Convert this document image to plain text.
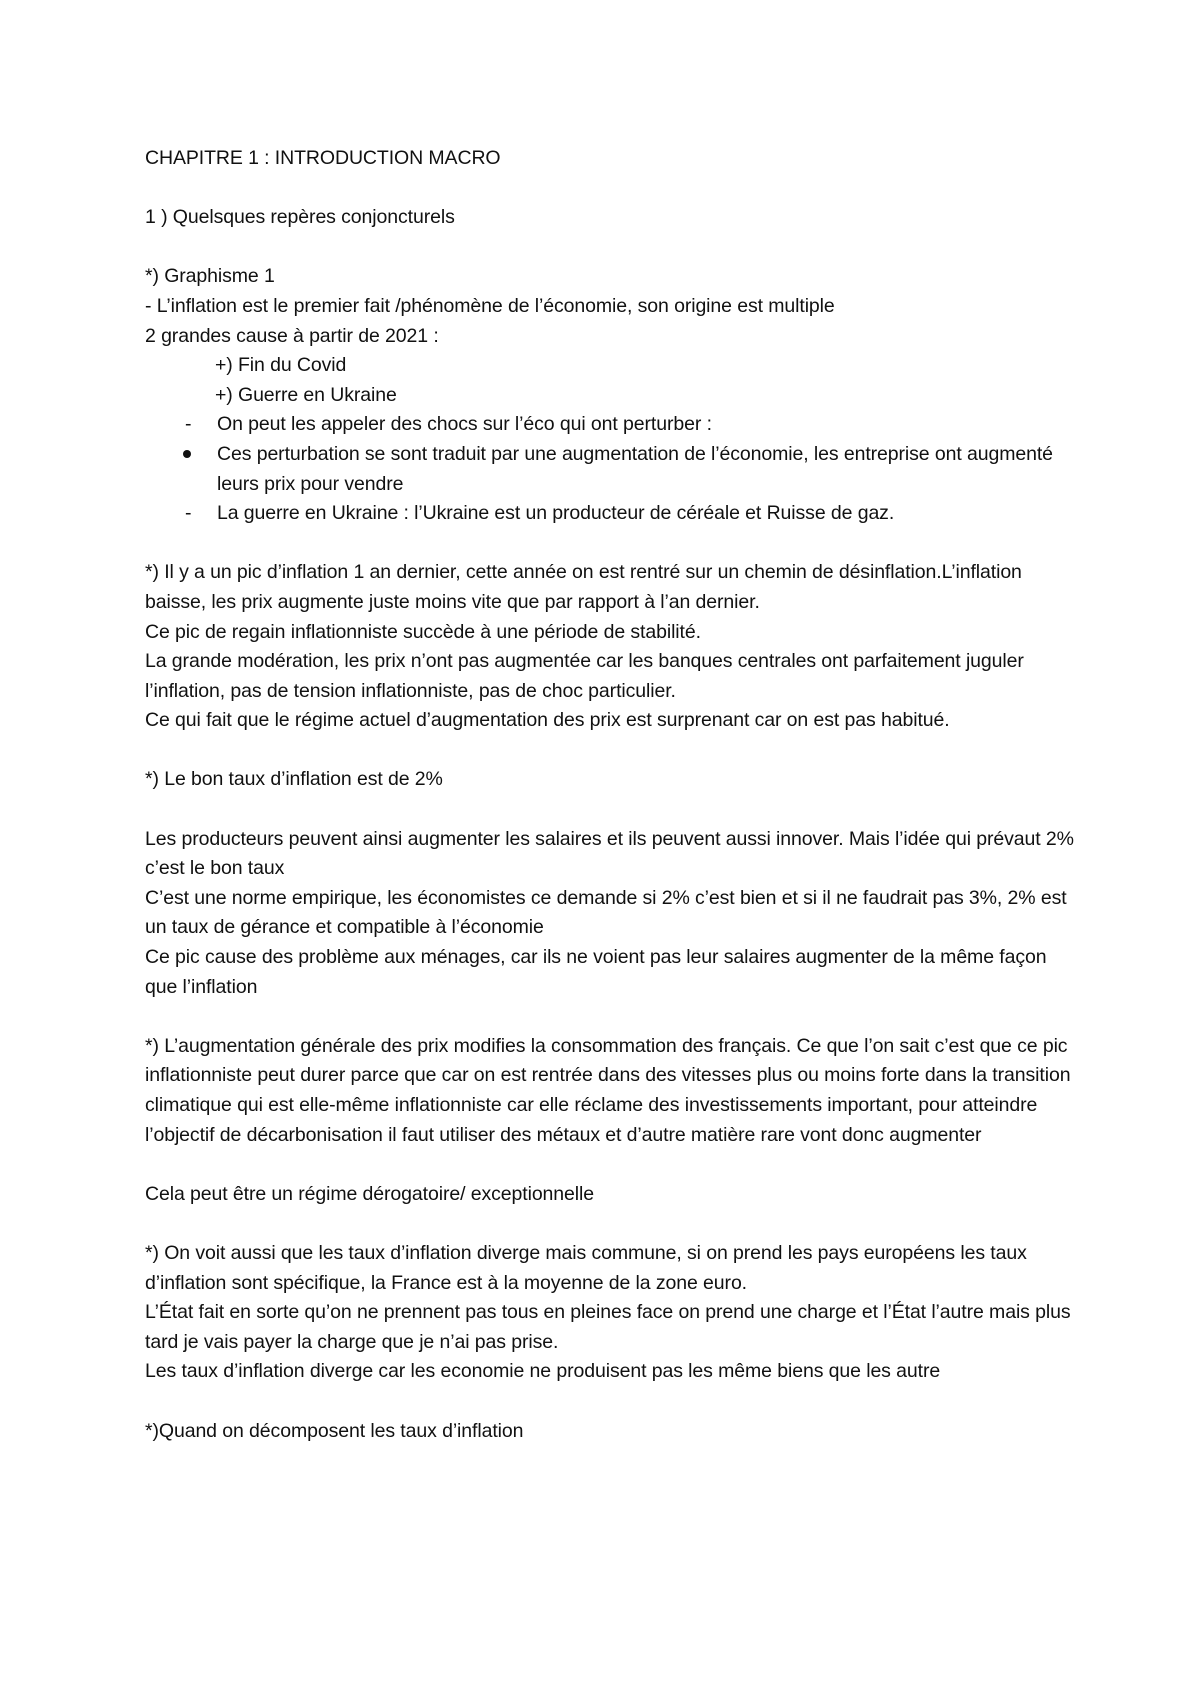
CHAPITRE 1 : INTRODUCTION MACRO

1 ) Quelsques repères conjoncturels

*) Graphisme 1

- L’inflation est le premier fait /phénomène de l’économie, son origine est multiple

2 grandes cause à partir de 2021 :

+) Fin du Covid

+) Guerre en Ukraine

-	On peut les appeler des chocs sur l’éco qui ont perturber :
Ces perturbation se sont traduit par une augmentation de l’économie, les entreprise ont augmenté leurs prix pour vendre
-	La guerre en Ukraine : l’Ukraine est un producteur de céréale et Ruisse de gaz.

*) Il y a un pic d’inflation 1 an dernier, cette année on est rentré sur un chemin de désinflation.L’inflation baisse, les prix augmente juste moins vite que par rapport à l’an dernier.

Ce pic de regain inflationniste succède à une période de stabilité.

La grande modération, les prix n’ont pas augmentée car les banques centrales ont parfaitement juguler l’inflation, pas de tension inflationniste, pas de choc particulier.

Ce qui fait que le régime actuel d’augmentation des prix est surprenant car on est pas habitué.

*) Le bon taux d’inflation est de 2%

Les producteurs peuvent ainsi augmenter les salaires et ils peuvent aussi innover. Mais l’idée qui prévaut 2% c’est le bon taux

C’est une norme empirique, les économistes ce demande si 2% c’est bien et si il ne faudrait pas 3%, 2% est un taux de gérance et compatible à l’économie

Ce pic cause des problème aux ménages, car ils ne voient pas leur salaires augmenter de la même façon que l’inflation

*) L’augmentation générale des prix modifies la consommation des français. Ce que l’on sait c’est que ce pic inflationniste peut durer parce que car on est rentrée dans des vitesses plus ou moins forte dans la transition climatique qui est elle-même inflationniste car elle réclame des investissements important, pour atteindre l’objectif de décarbonisation il faut utiliser des métaux et d’autre matière rare vont donc augmenter

Cela peut être un régime dérogatoire/ exceptionnelle

*) On voit aussi que les taux d’inflation diverge mais commune, si on prend les pays européens les taux d’inflation sont spécifique, la France est à la moyenne de la zone euro.

L’État fait en sorte qu’on ne prennent pas tous en pleines face on prend une charge et l’État l’autre mais plus tard je vais payer la charge que je n’ai pas prise.

Les taux d’inflation diverge car les economie ne produisent pas les même biens que les autre

*)Quand on décomposent les taux d’inflation
